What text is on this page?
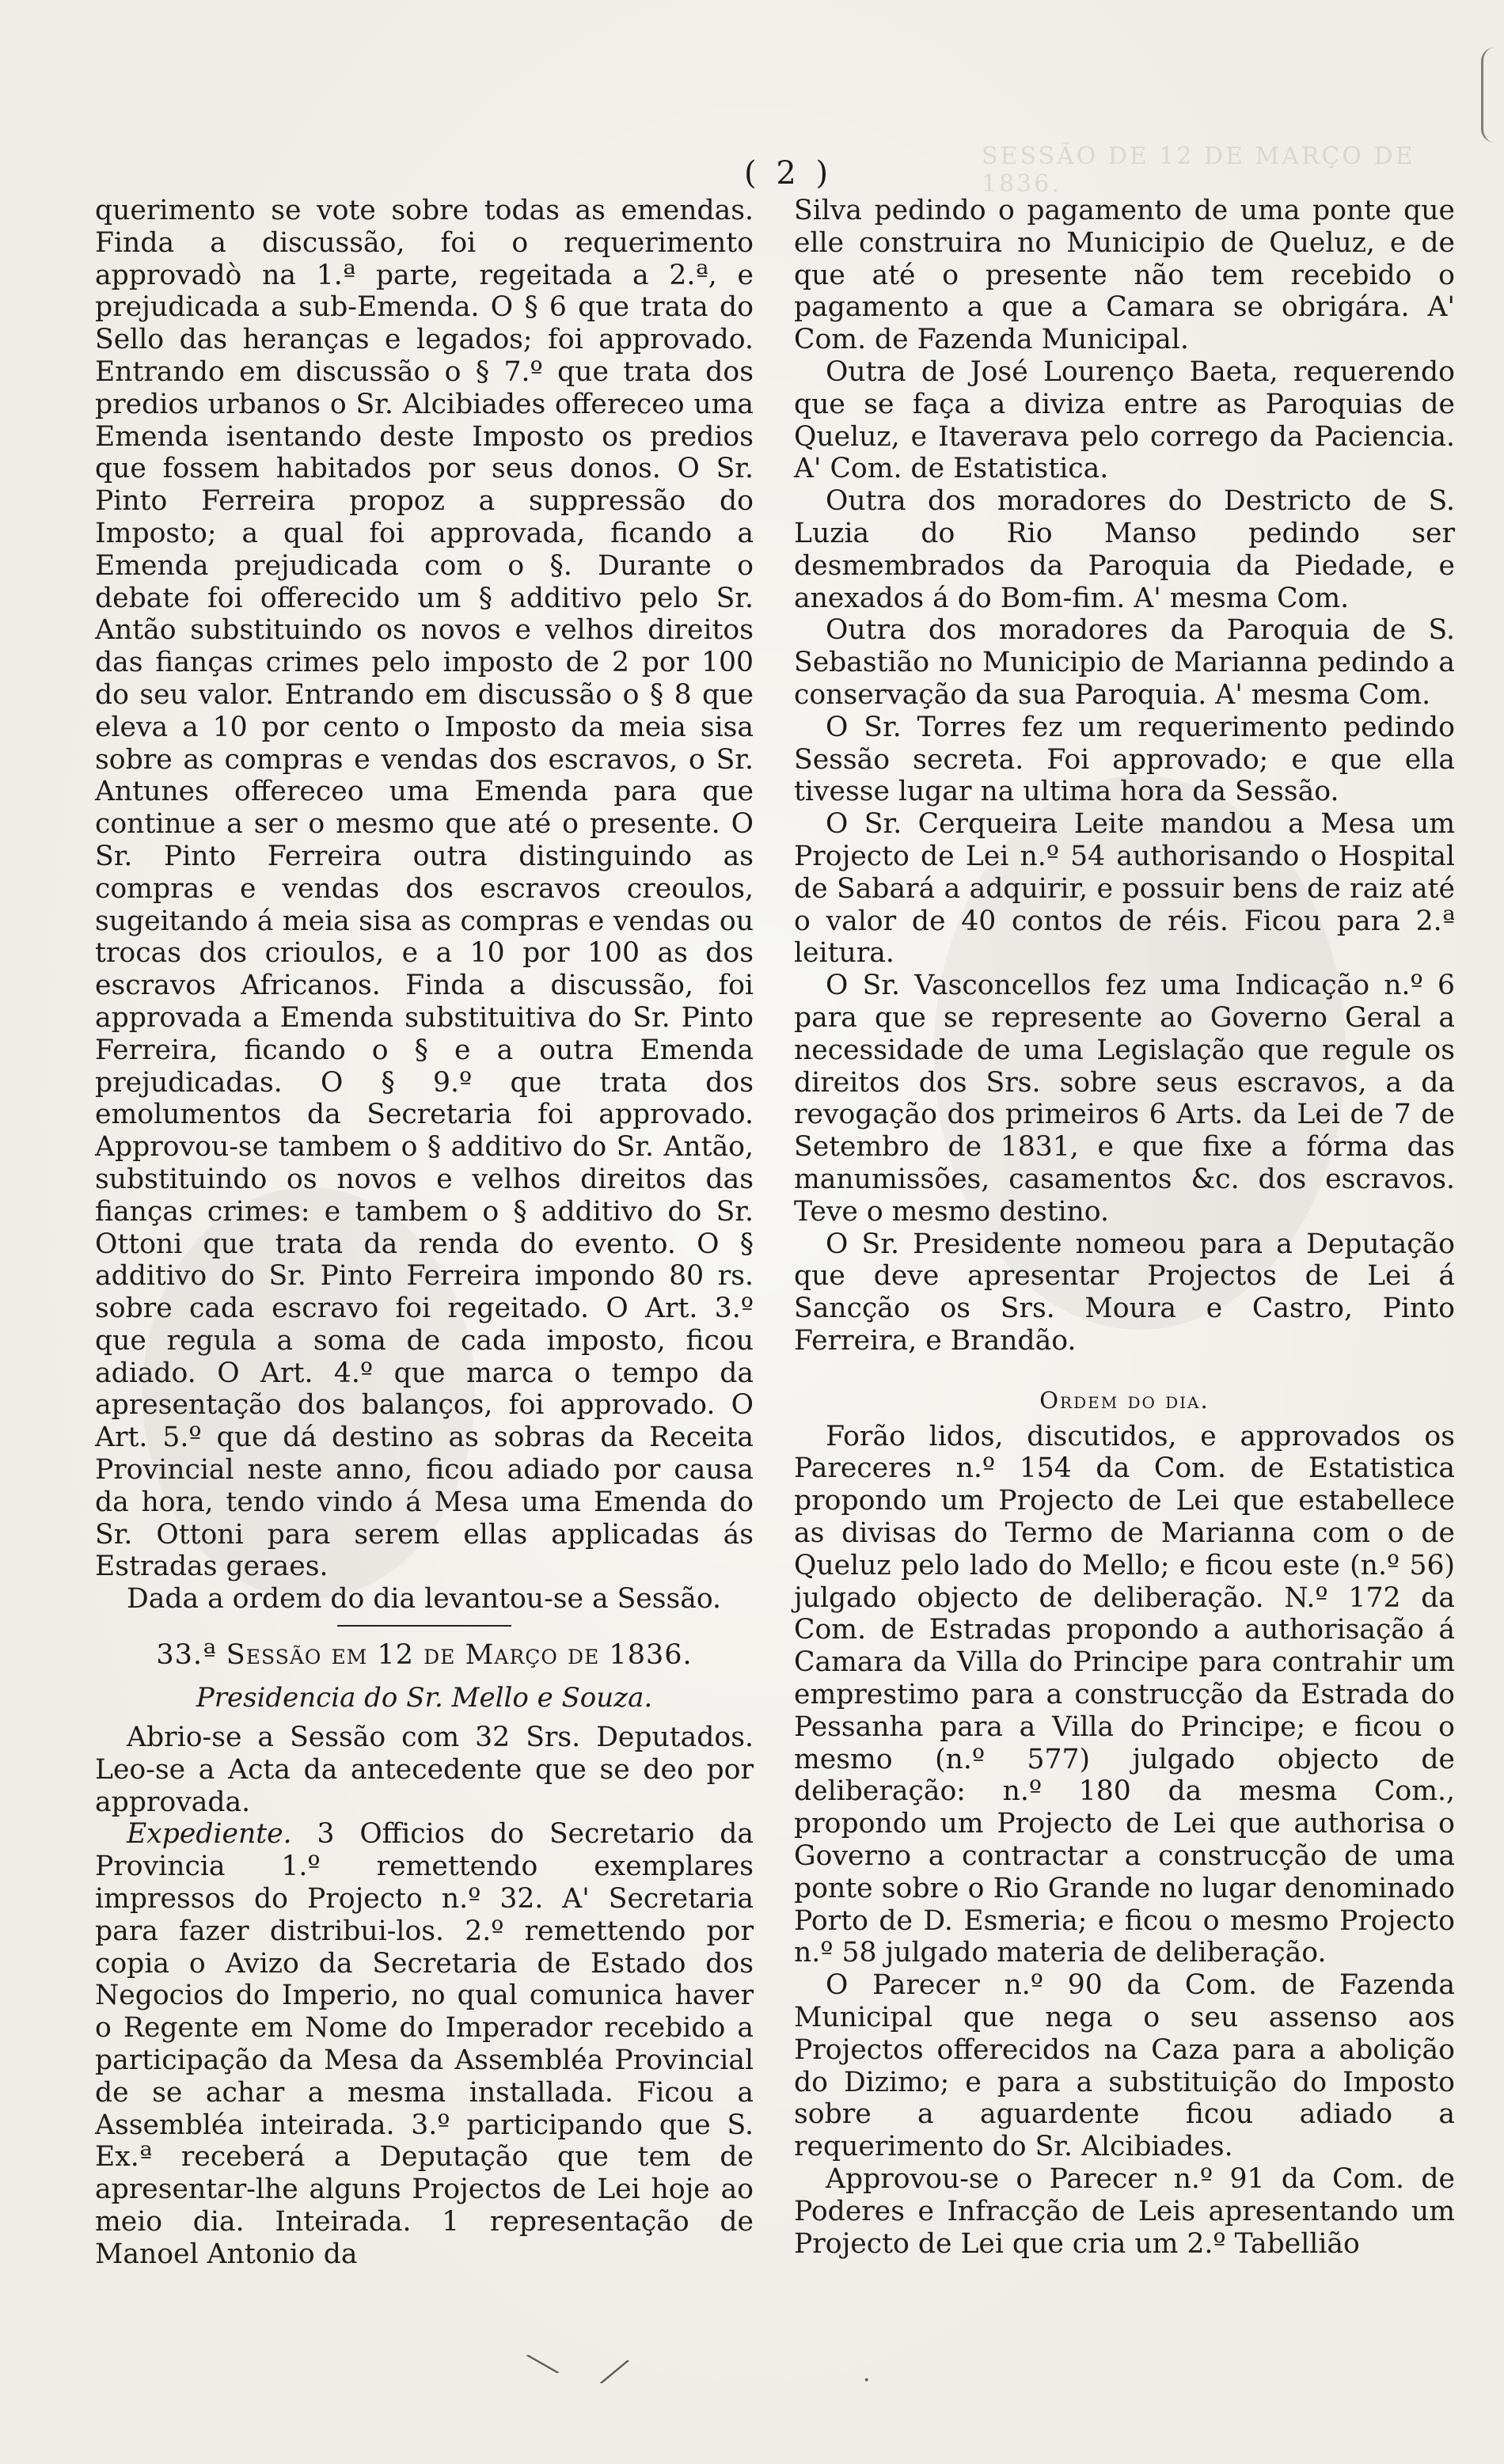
SESSÃO DE 12 DE MARÇO DE 1836.
( 2 )

querimento se vote sobre todas as emendas. Finda a discussão, foi o requerimento approvadò na 1.ª parte, regeitada a 2.ª, e prejudicada a sub-Emenda. O § 6 que trata do Sello das heranças e legados; foi approvado. Entrando em discussão o § 7.º que trata dos predios urbanos o Sr. Alcibiades offereceo uma Emenda isentando deste Imposto os predios que fossem habitados por seus donos. O Sr. Pinto Ferreira propoz a suppressão do Imposto; a qual foi approvada, ficando a Emenda prejudicada com o §. Durante o debate foi offerecido um § additivo pelo Sr. Antão substituindo os novos e velhos direitos das fianças crimes pelo imposto de 2 por 100 do seu valor. Entrando em discussão o § 8 que eleva a 10 por cento o Imposto da meia sisa sobre as compras e vendas dos escravos, o Sr. Antunes offereceo uma Emenda para que continue a ser o mesmo que até o presente. O Sr. Pinto Ferreira outra distinguindo as compras e vendas dos escravos creoulos, sugeitando á meia sisa as compras e vendas ou trocas dos crioulos, e a 10 por 100 as dos escravos Africanos. Finda a discussão, foi approvada a Emenda substituitiva do Sr. Pinto Ferreira, ficando o § e a outra Emenda prejudicadas. O § 9.º que trata dos emolumentos da Secretaria foi approvado. Approvou-se tambem o § additivo do Sr. Antão, substituindo os novos e velhos direitos das fianças crimes: e tambem o § additivo do Sr. Ottoni que trata da renda do evento. O § additivo do Sr. Pinto Ferreira impondo 80 rs. sobre cada escravo foi regeitado. O Art. 3.º que regula a soma de cada imposto, ficou adiado. O Art. 4.º que marca o tempo da apresentação dos balanços, foi approvado. O Art. 5.º que dá destino as sobras da Receita Provincial neste anno, ficou adiado por causa da hora, tendo vindo á Mesa uma Emenda do Sr. Ottoni para serem ellas applicadas ás Estradas geraes.

Dada a ordem do dia levantou-se a Sessão.

33.ª Sessão em 12 de Março de 1836.
Presidencia do Sr. Mello e Souza.

Abrio-se a Sessão com 32 Srs. Deputados. Leo-se a Acta da antecedente que se deo por approvada.

Expediente. 3 Officios do Secretario da Provincia 1.º remettendo exemplares impressos do Projecto n.º 32. A' Secretaria para fazer distribui-los. 2.º remettendo por copia o Avizo da Secretaria de Estado dos Negocios do Imperio, no qual comunica haver o Regente em Nome do Imperador recebido a participação da Mesa da Assembléa Provincial de se achar a mesma installada. Ficou a Assembléa inteirada. 3.º participando que S. Ex.ª receberá a Deputação que tem de apresentar-lhe alguns Projectos de Lei hoje ao meio dia. Inteirada. 1 representação de Manoel Antonio da

Silva pedindo o pagamento de uma ponte que elle construira no Municipio de Queluz, e de que até o presente não tem recebido o pagamento a que a Camara se obrigára. A' Com. de Fazenda Municipal.

Outra de José Lourenço Baeta, requerendo que se faça a diviza entre as Paroquias de Queluz, e Itaverava pelo corrego da Paciencia. A' Com. de Estatistica.

Outra dos moradores do Destricto de S. Luzia do Rio Manso pedindo ser desmembrados da Paroquia da Piedade, e anexados á do Bom-fim. A' mesma Com.

Outra dos moradores da Paroquia de S. Sebastião no Municipio de Marianna pedindo a conservação da sua Paroquia. A' mesma Com.

O Sr. Torres fez um requerimento pedindo Sessão secreta. Foi approvado; e que ella tivesse lugar na ultima hora da Sessão.

O Sr. Cerqueira Leite mandou a Mesa um Projecto de Lei n.º 54 authorisando o Hospital de Sabará a adquirir, e possuir bens de raiz até o valor de 40 contos de réis. Ficou para 2.ª leitura.

O Sr. Vasconcellos fez uma Indicação n.º 6 para que se represente ao Governo Geral a necessidade de uma Legislação que regule os direitos dos Srs. sobre seus escravos, a da revogação dos primeiros 6 Arts. da Lei de 7 de Setembro de 1831, e que fixe a fórma das manumissões, casamentos &c. dos escravos. Teve o mesmo destino.

O Sr. Presidente nomeou para a Deputação que deve apresentar Projectos de Lei á Sancção os Srs. Moura e Castro, Pinto Ferreira, e Brandão.

Ordem do dia.

Forão lidos, discutidos, e approvados os Pareceres n.º 154 da Com. de Estatistica propondo um Projecto de Lei que estabellece as divisas do Termo de Marianna com o de Queluz pelo lado do Mello; e ficou este (n.º 56) julgado objecto de deliberação. N.º 172 da Com. de Estradas propondo a authorisação á Camara da Villa do Principe para contrahir um emprestimo para a construcção da Estrada do Pessanha para a Villa do Principe; e ficou o mesmo (n.º 577) julgado objecto de deliberação: n.º 180 da mesma Com., propondo um Projecto de Lei que authorisa o Governo a contractar a construcção de uma ponte sobre o Rio Grande no lugar denominado Porto de D. Esmeria; e ficou o mesmo Projecto n.º 58 julgado materia de deliberação.

O Parecer n.º 90 da Com. de Fazenda Municipal que nega o seu assenso aos Projectos offerecidos na Caza para a abolição do Dizimo; e para a substituição do Imposto sobre a aguardente ficou adiado a requerimento do Sr. Alcibiades.

Approvou-se o Parecer n.º 91 da Com. de Poderes e Infracção de Leis apresentando um Projecto de Lei que cria um 2.º Tabellião

⟍ ⟋	·
